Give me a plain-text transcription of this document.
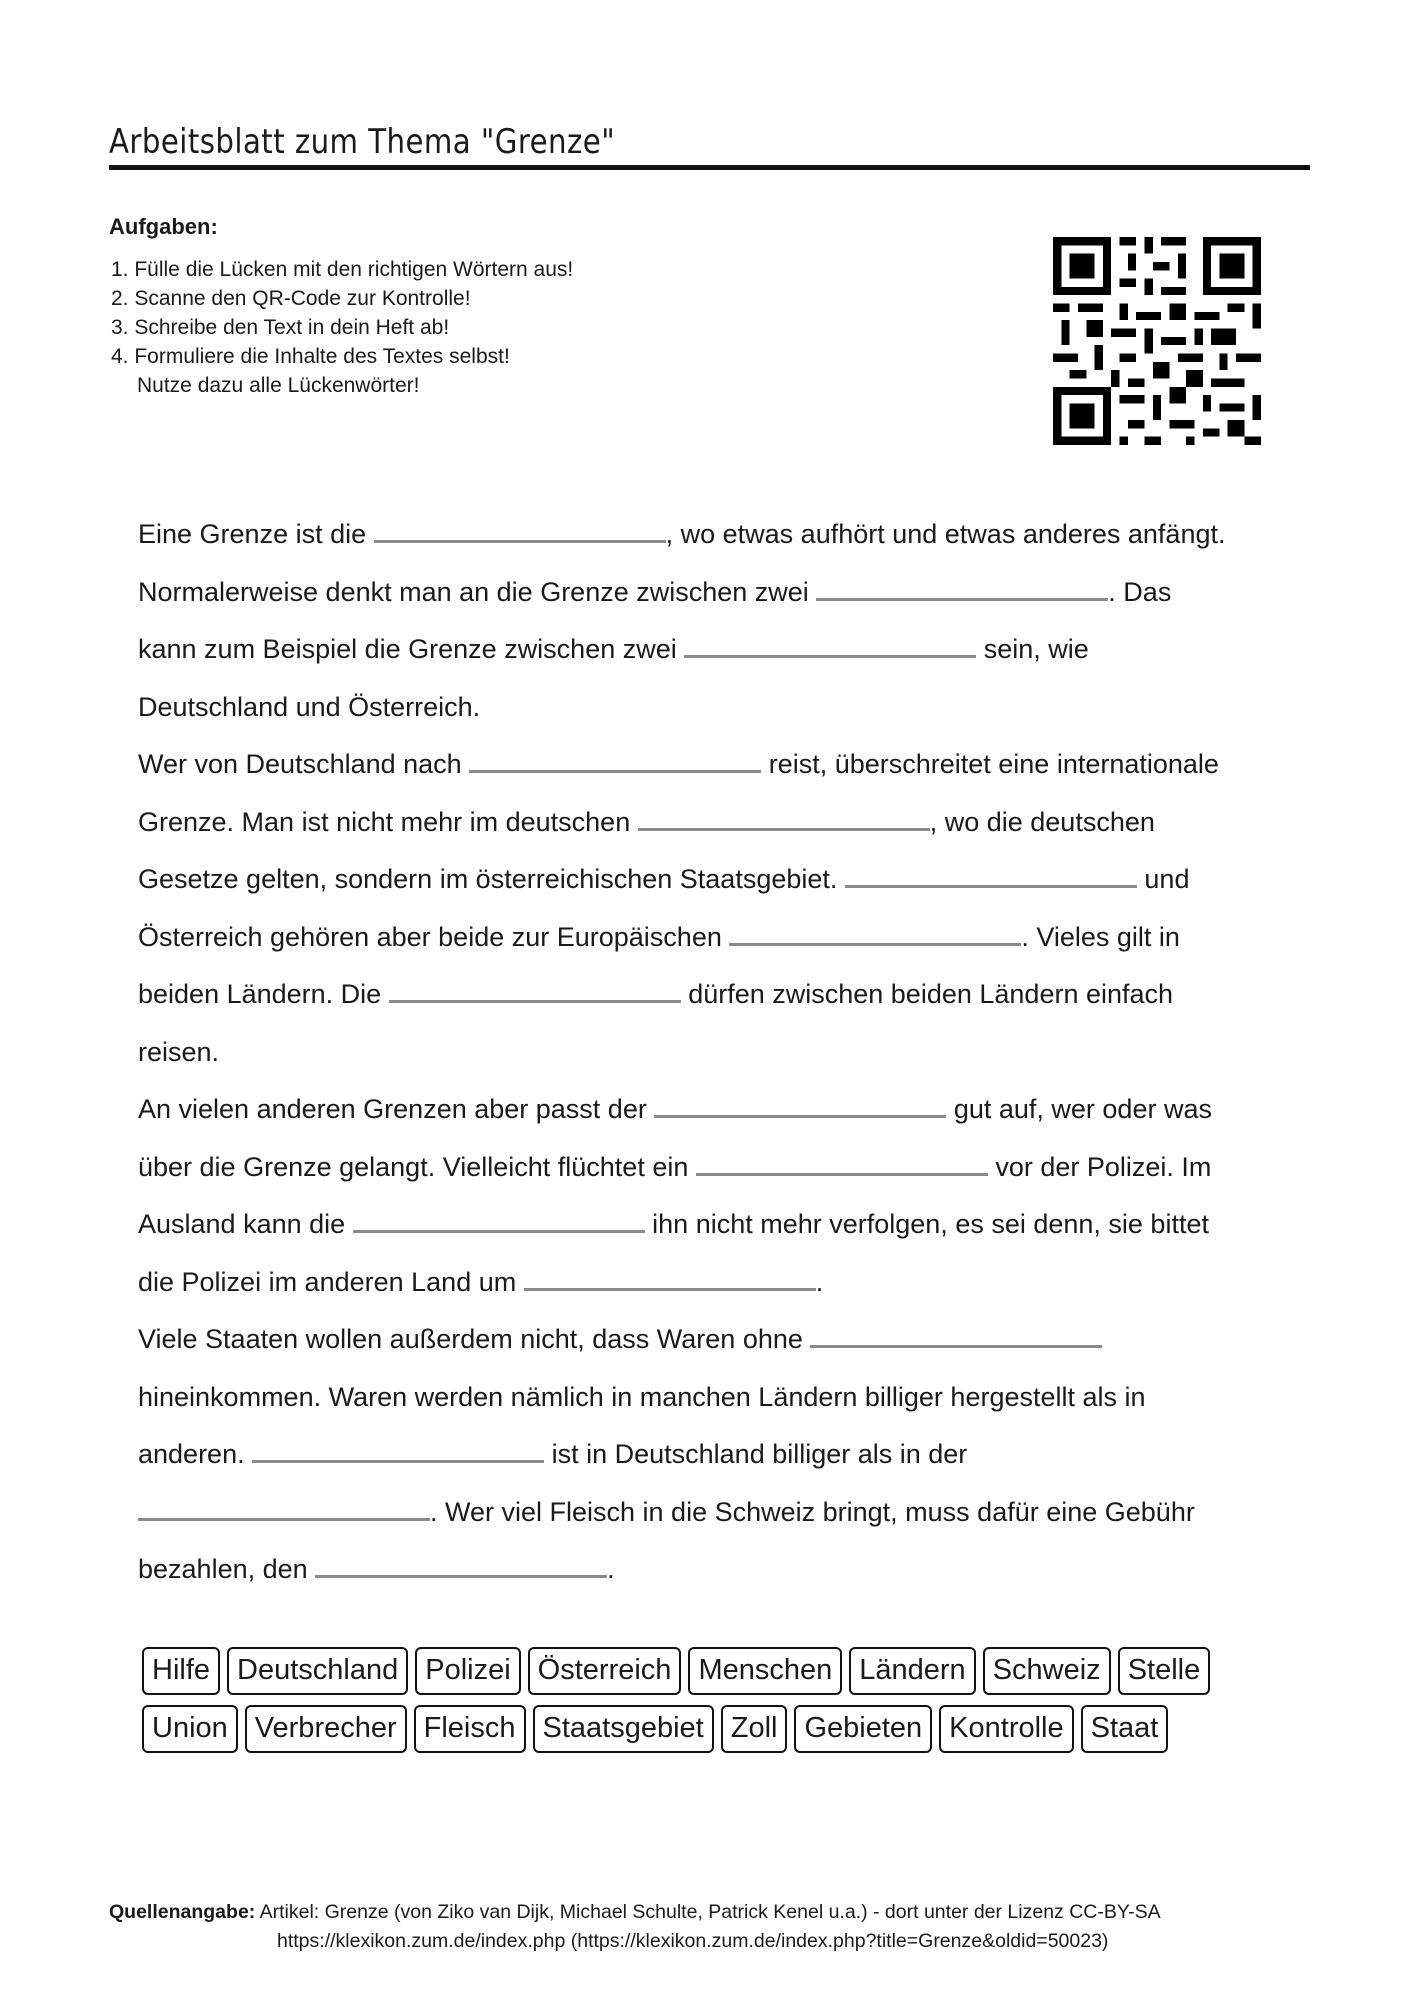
Arbeitsblatt zum Thema "Grenze"
Aufgaben:
1. Fülle die Lücken mit den richtigen Wörtern aus!
2. Scanne den QR-Code zur Kontrolle!
3. Schreibe den Text in dein Heft ab!
4. Formuliere die Inhalte des Textes selbst!
Nutze dazu alle Lückenwörter!
Eine Grenze ist die	, wo etwas aufhört und etwas anderes anfängt.
Normalerweise denkt man an die Grenze zwischen zwei	. Das
kann zum Beispiel die Grenze zwischen zwei	sein, wie
Deutschland und Österreich.
Wer von Deutschland nach	reist, überschreitet eine internationale
Grenze. Man ist nicht mehr im deutschen	, wo die deutschen
Gesetze gelten, sondern im österreichischen Staatsgebiet.	und
Österreich gehören aber beide zur Europäischen	. Vieles gilt in
beiden Ländern. Die	dürfen zwischen beiden Ländern einfach
reisen.
An vielen anderen Grenzen aber passt der	gut auf, wer oder was
über die Grenze gelangt. Vielleicht flüchtet ein	vor der Polizei. Im
Ausland kann die	ihn nicht mehr verfolgen, es sei denn, sie bittet
die Polizei im anderen Land um	.
Viele Staaten wollen außerdem nicht, dass Waren ohne
hineinkommen. Waren werden nämlich in manchen Ländern billiger hergestellt als in
anderen.	ist in Deutschland billiger als in der
. Wer viel Fleisch in die Schweiz bringt, muss dafür eine Gebühr
bezahlen, den	.
Hilfe Deutschland Polizei Österreich Menschen Ländern Schweiz Stelle
Union Verbrecher Fleisch Staatsgebiet Zoll Gebieten Kontrolle Staat
Quellenangabe: Artikel: Grenze (von Ziko van Dijk, Michael Schulte, Patrick Kenel u.a.) - dort unter der Lizenz CC-BY-SA
https://klexikon.zum.de/index.php (https://klexikon.zum.de/index.php?title=Grenze&oldid=50023)
